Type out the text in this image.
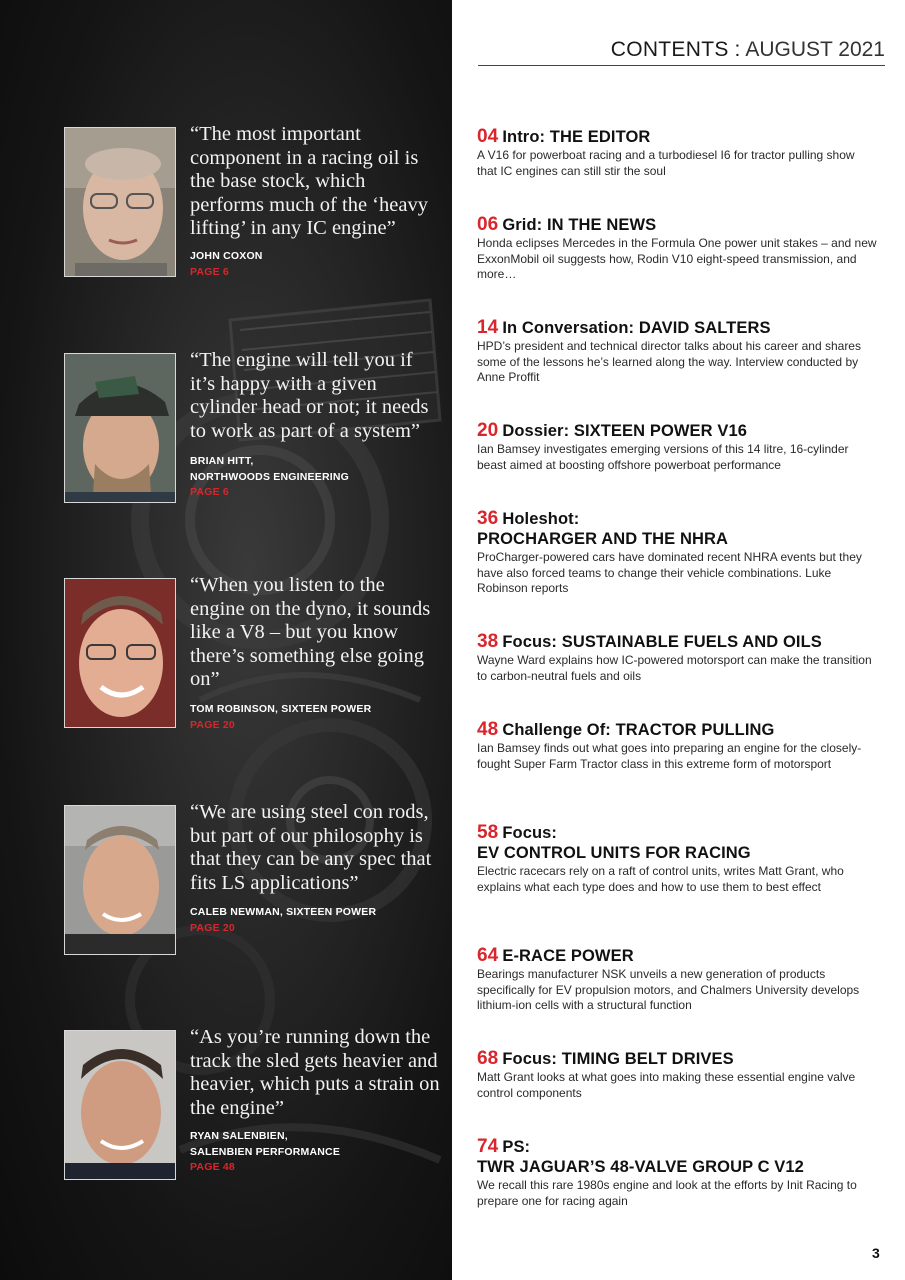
“The most important component in a racing oil is the base stock, which performs much of the ‘heavy lifting’ in any IC engine”
JOHN COXON
PAGE 6
“The engine will tell you if it’s happy with a given cylinder head or not; it needs to work as part of a system”
BRIAN HITT,
NORTHWOODS ENGINEERING
PAGE 6
“When you listen to the engine on the dyno, it sounds like a V8 – but you know there’s something else going on”
TOM ROBINSON, SIXTEEN POWER
PAGE 20
“We are using steel con rods, but part of our philosophy is that they can be any spec that fits LS applications”
CALEB NEWMAN, SIXTEEN POWER
PAGE 20
“As you’re running down the track the sled gets heavier and heavier, which puts a strain on the engine”
RYAN SALENBIEN,
SALENBIEN PERFORMANCE
PAGE 48
CONTENTS : AUGUST 2021
04 Intro: THE EDITOR
A V16 for powerboat racing and a turbodiesel I6 for tractor pulling show that IC engines can still stir the soul
06 Grid: IN THE NEWS
Honda eclipses Mercedes in the Formula One power unit stakes – and new ExxonMobil oil suggests how, Rodin V10 eight-speed transmission, and more…
14 In Conversation: DAVID SALTERS
HPD’s president and technical director talks about his career and shares some of the lessons he’s learned along the way. Interview conducted by Anne Proffit
20 Dossier: SIXTEEN POWER V16
Ian Bamsey investigates emerging versions of this 14 litre, 16-cylinder beast aimed at boosting offshore powerboat performance
36 Holeshot:
PROCHARGER AND THE NHRA
ProCharger-powered cars have dominated recent NHRA events but they have also forced teams to change their vehicle combinations. Luke Robinson reports
38 Focus: SUSTAINABLE FUELS AND OILS
Wayne Ward explains how IC-powered motorsport can make the transition to carbon-neutral fuels and oils
48 Challenge Of: TRACTOR PULLING
Ian Bamsey finds out what goes into preparing an engine for the closely-fought Super Farm Tractor class in this extreme form of motorsport
58 Focus:
EV CONTROL UNITS FOR RACING
Electric racecars rely on a raft of control units, writes Matt Grant, who explains what each type does and how to use them to best effect
64 E-RACE POWER
Bearings manufacturer NSK unveils a new generation of products specifically for EV propulsion motors, and Chalmers University develops lithium-ion cells with a structural function
68 Focus: TIMING BELT DRIVES
Matt Grant looks at what goes into making these essential engine valve control components
74 PS:
TWR JAGUAR’S 48-VALVE GROUP C V12
We recall this rare 1980s engine and look at the efforts by Init Racing to prepare one for racing again
3
